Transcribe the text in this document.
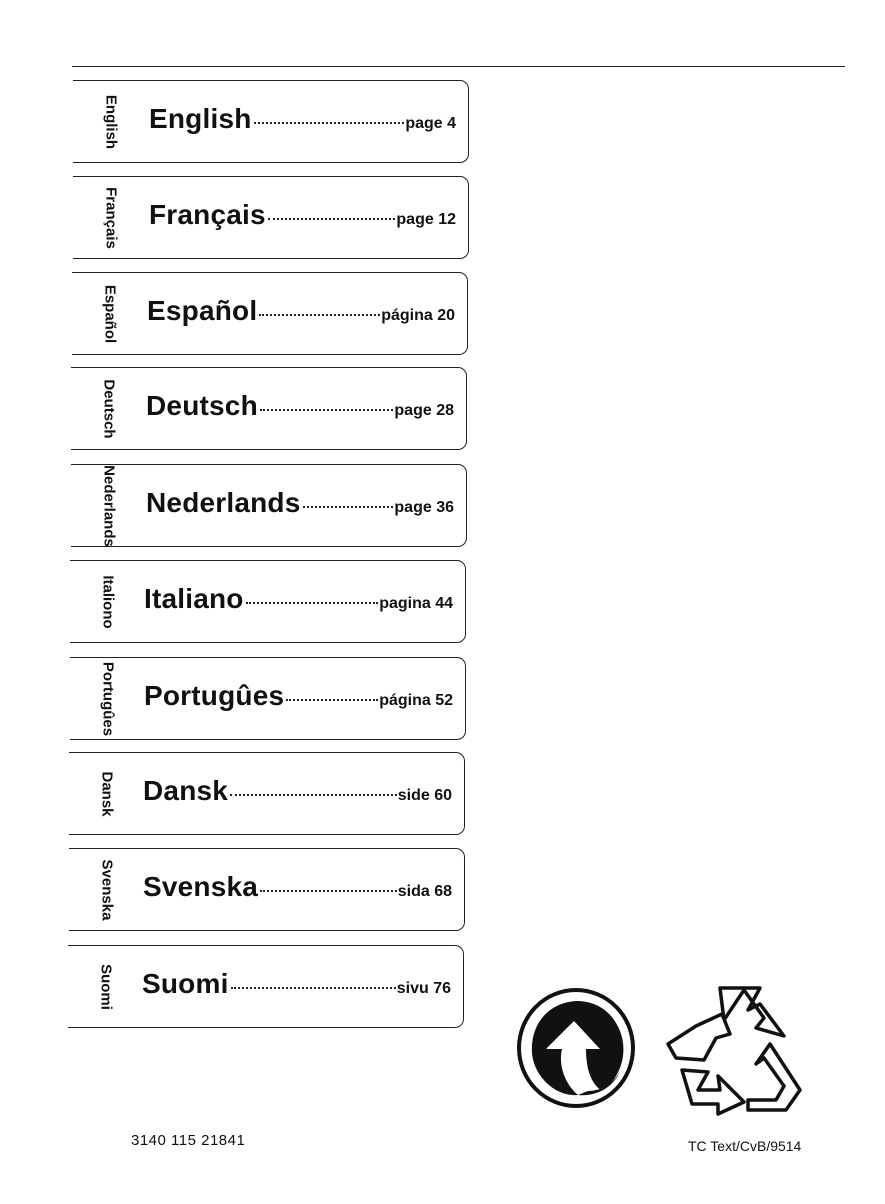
English English	page 4
Français Français	page 12
Español Español	página 20
Deutsch Deutsch	page 28
Nederlands Nederlands	page 36
Italiono Italiano	pagina 44
Portugûes Portugûes	página 52
Dansk Dansk	side 60
Svenska Svenska	sida 68
Suomi Suomi	sivu 76
3140 115 21841	TC Text/CvB/9514
